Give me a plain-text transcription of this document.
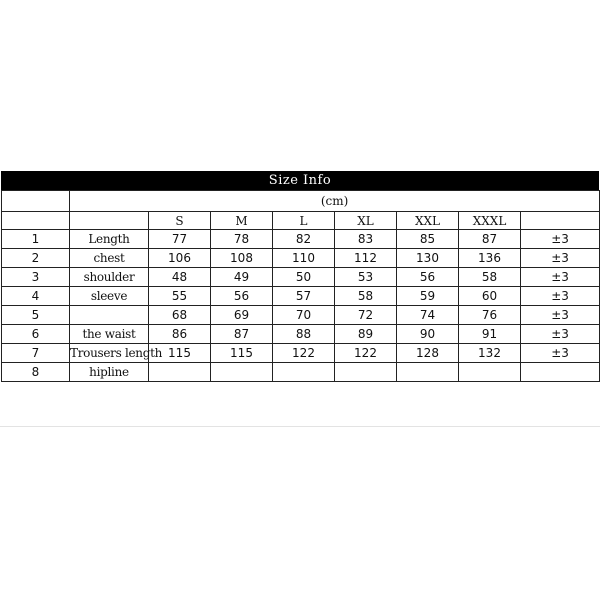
Size Info
	(cm)							
		S	M	L	XL	XXL	XXXL	
1	Length	77	78	82	83	85	87	±3
2	chest	106	108	110	112	130	136	±3
3	shoulder	48	49	50	53	56	58	±3
4	sleeve	55	56	57	58	59	60	±3
5		68	69	70	72	74	76	±3
6	the waist	86	87	88	89	90	91	±3
7	Trousers length	115	115	122	122	128	132	±3
8	hipline							
